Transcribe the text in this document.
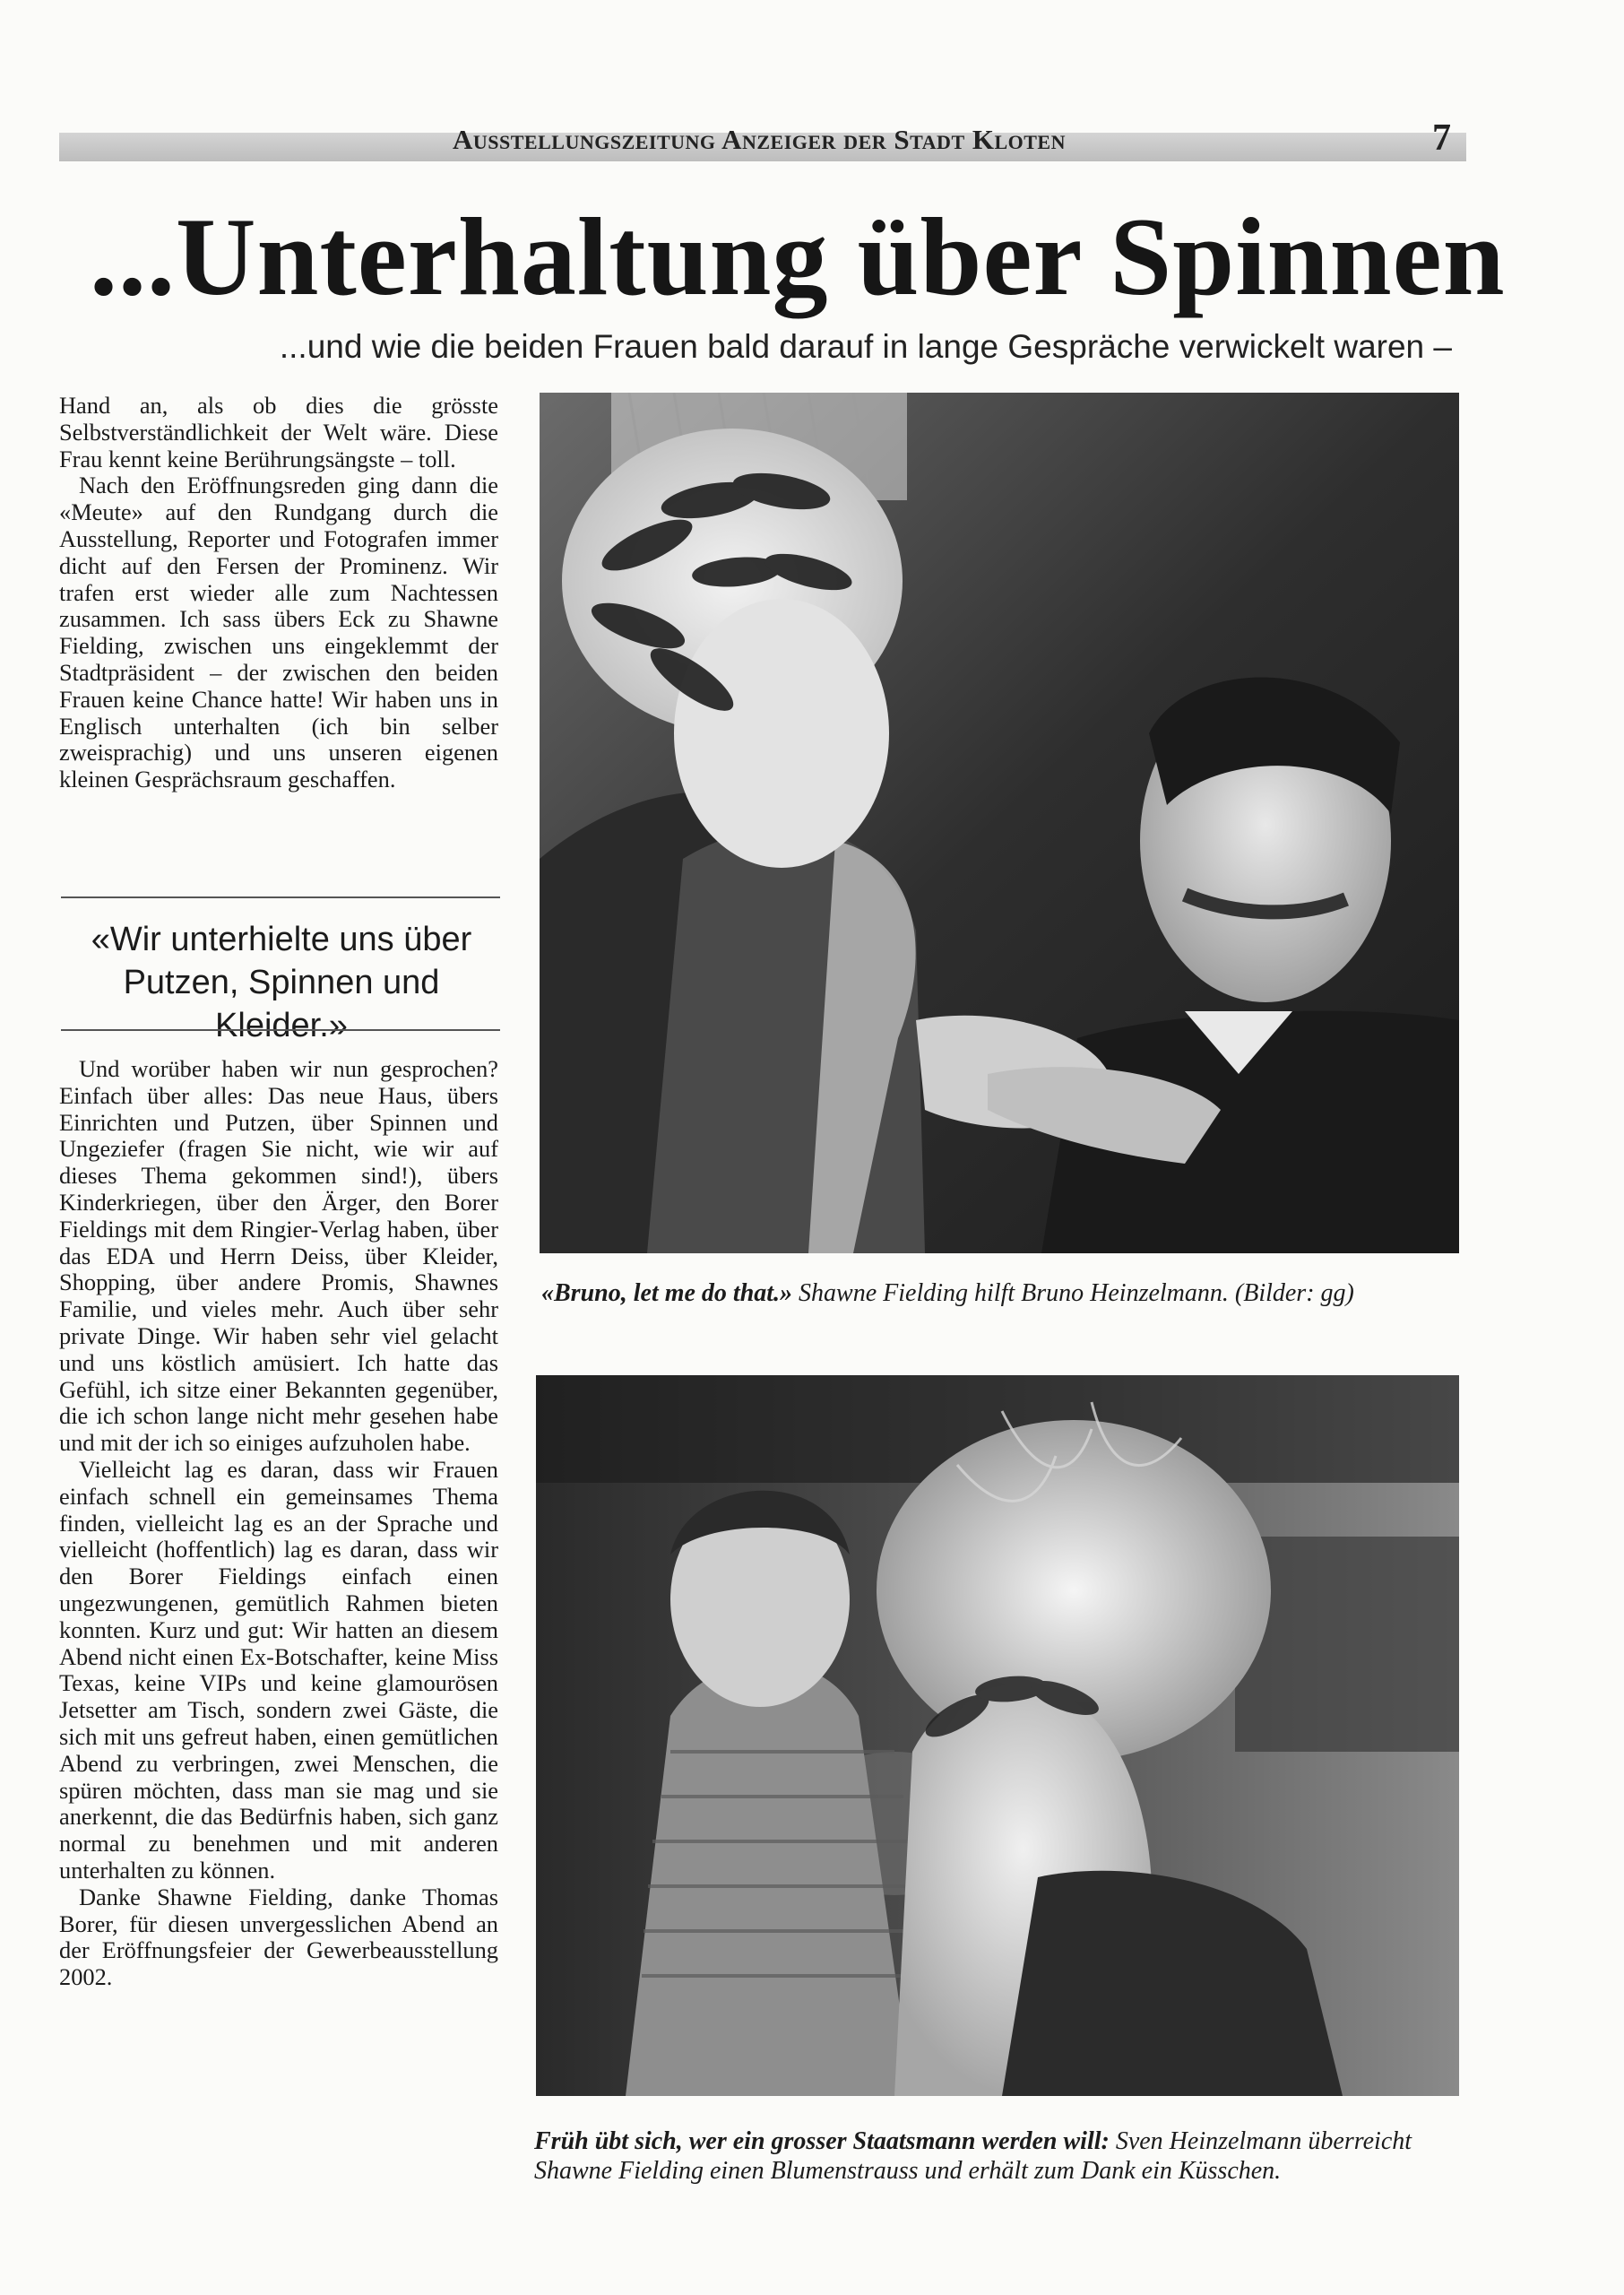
Ausstellungszeitung Anzeiger der Stadt Kloten	7
...Unterhaltung über Spinnen
...und wie die beiden Frauen bald darauf in lange Gespräche verwickelt waren –

Hand an, als ob dies die grösste Selbstverständlichkeit der Welt wäre. Diese Frau kennt keine Berührungsängste – toll.

Nach den Eröffnungsreden ging dann die «Meute» auf den Rundgang durch die Ausstellung, Reporter und Fotografen immer dicht auf den Fersen der Prominenz. Wir trafen erst wieder alle zum Nachtessen zusammen. Ich sass übers Eck zu Shawne Fielding, zwischen uns eingeklemmt der Stadtpräsident – der zwischen den beiden Frauen keine Chance hatte! Wir haben uns in Englisch unterhalten (ich bin selber zweisprachig) und uns unseren eigenen kleinen Gesprächsraum geschaffen.

«Wir unterhielte uns über Putzen, Spinnen und Kleider.»

Und worüber haben wir nun gesprochen? Einfach über alles: Das neue Haus, übers Einrichten und Putzen, über Spinnen und Ungeziefer (fragen Sie nicht, wie wir auf dieses Thema gekommen sind!), übers Kinderkriegen, über den Ärger, den Borer Fieldings mit dem Ringier-Verlag haben, über das EDA und Herrn Deiss, über Kleider, Shopping, über andere Promis, Shawnes Familie, und vieles mehr. Auch über sehr private Dinge. Wir haben sehr viel gelacht und uns köstlich amüsiert. Ich hatte das Gefühl, ich sitze einer Bekannten gegenüber, die ich schon lange nicht mehr gesehen habe und mit der ich so einiges aufzuholen habe.

Vielleicht lag es daran, dass wir Frauen einfach schnell ein gemeinsames Thema finden, vielleicht lag es an der Sprache und vielleicht (hoffentlich) lag es daran, dass wir den Borer Fieldings einfach einen ungezwungenen, gemütlich Rahmen bieten konnten. Kurz und gut: Wir hatten an diesem Abend nicht einen Ex-Botschafter, keine Miss Texas, keine VIPs und keine glamourösen Jetsetter am Tisch, sondern zwei Gäste, die sich mit uns gefreut haben, einen gemütlichen Abend zu verbringen, zwei Menschen, die spüren möchten, dass man sie mag und sie anerkennt, die das Bedürfnis haben, sich ganz normal zu benehmen und mit anderen unterhalten zu können.

Danke Shawne Fielding, danke Thomas Borer, für diesen unvergesslichen Abend an der Eröffnungsfeier der Gewerbeausstellung 2002.

«Bruno, let me do that.» Shawne Fielding hilft Bruno Heinzelmann. (Bilder: gg)
Früh übt sich, wer ein grosser Staatsmann werden will: Sven Heinzelmann überreicht Shawne Fielding einen Blumenstrauss und erhält zum Dank ein Küsschen.
